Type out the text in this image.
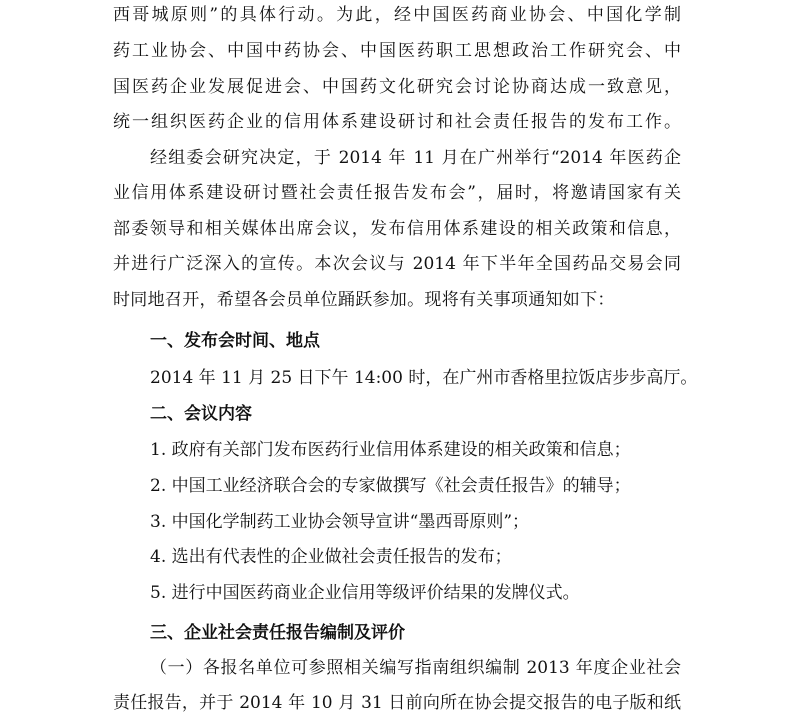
西哥城原则”的具体行动。为此，经中国医药商业协会、中国化学制
药工业协会、中国中药协会、中国医药职工思想政治工作研究会、中
国医药企业发展促进会、中国药文化研究会讨论协商达成一致意见，
统一组织医药企业的信用体系建设研讨和社会责任报告的发布工作。
经组委会研究决定，于 2014 年 11 月在广州举行“2014 年医药企
业信用体系建设研讨暨社会责任报告发布会”，届时，将邀请国家有关
部委领导和相关媒体出席会议，发布信用体系建设的相关政策和信息，
并进行广泛深入的宣传。本次会议与 2014 年下半年全国药品交易会同
时同地召开，希望各会员单位踊跃参加。现将有关事项通知如下：
一、发布会时间、地点
2014 年 11 月 25 日下午 14:00 时，在广州市香格里拉饭店步步高厅。
二、会议内容
1. 政府有关部门发布医药行业信用体系建设的相关政策和信息；
2. 中国工业经济联合会的专家做撰写《社会责任报告》的辅导；
3. 中国化学制药工业协会领导宣讲“墨西哥原则”；
4. 选出有代表性的企业做社会责任报告的发布；
5. 进行中国医药商业企业信用等级评价结果的发牌仪式。
三、企业社会责任报告编制及评价
（一）各报名单位可参照相关编写指南组织编制 2013 年度企业社会
责任报告，并于 2014 年 10 月 31 日前向所在协会提交报告的电子版和纸
